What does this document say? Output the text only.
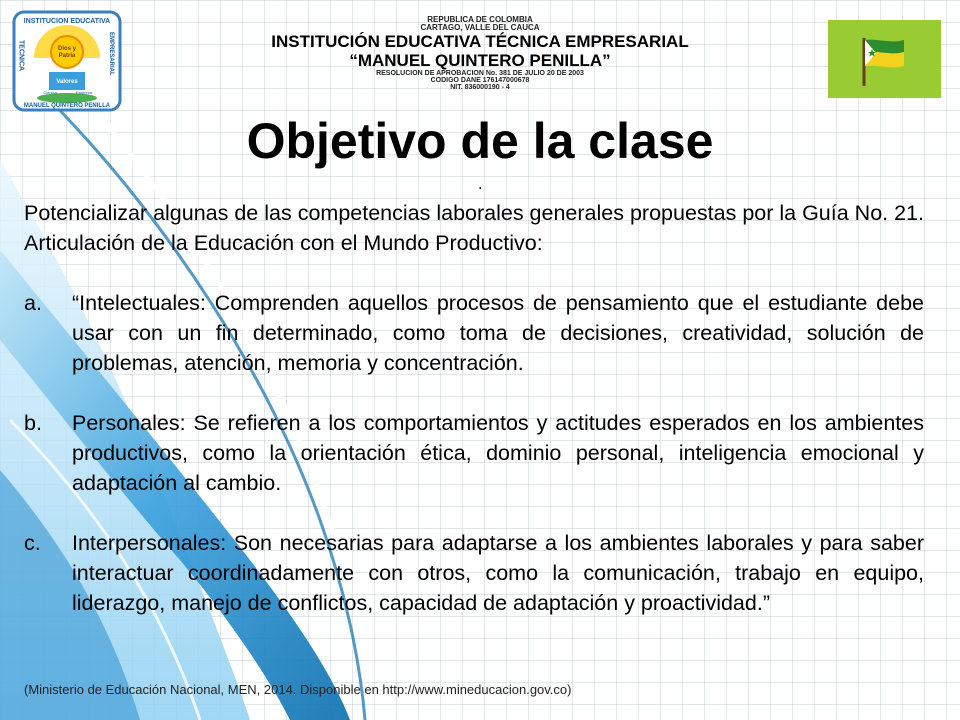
INSTITUCION EDUCATIVA
TECNICA	EMPRESARIAL
Dios y
Patria
Valores
Ciencia	Empresa
MANUEL QUINTERO PENILLA
REPUBLICA DE COLOMBIA
CARTAGO, VALLE DEL CAUCA
INSTITUCIÓN EDUCATIVA TÉCNICA EMPRESARIAL
“MANUEL QUINTERO PENILLA”
RESOLUCION DE APROBACION No. 381 DE JULIO 20 DE 2003
CODIGO DANE 176147000678
NIT. 836000190 - 4
Objetivo de la clase
.

Potencializar algunas de las competencias laborales generales propuestas por la Guía No. 21. Articulación de la Educación con el Mundo Productivo:

a.	“Intelectuales: Comprenden aquellos procesos de pensamiento que el estudiante debe usar con un fin determinado, como toma de decisiones, creatividad, solución de problemas, atención, memoria y concentración.
b.	Personales: Se refieren a los comportamientos y actitudes esperados en los ambientes productivos, como la orientación ética, dominio personal, inteligencia emocional y adaptación al cambio.
c.	Interpersonales: Son necesarias para adaptarse a los ambientes laborales y para saber interactuar coordinadamente con otros, como la comunicación, trabajo en equipo, liderazgo, manejo de conflictos, capacidad de adaptación y proactividad.”
(Ministerio de Educación Nacional, MEN, 2014. Disponible en http://www.mineducacion.gov.co)
